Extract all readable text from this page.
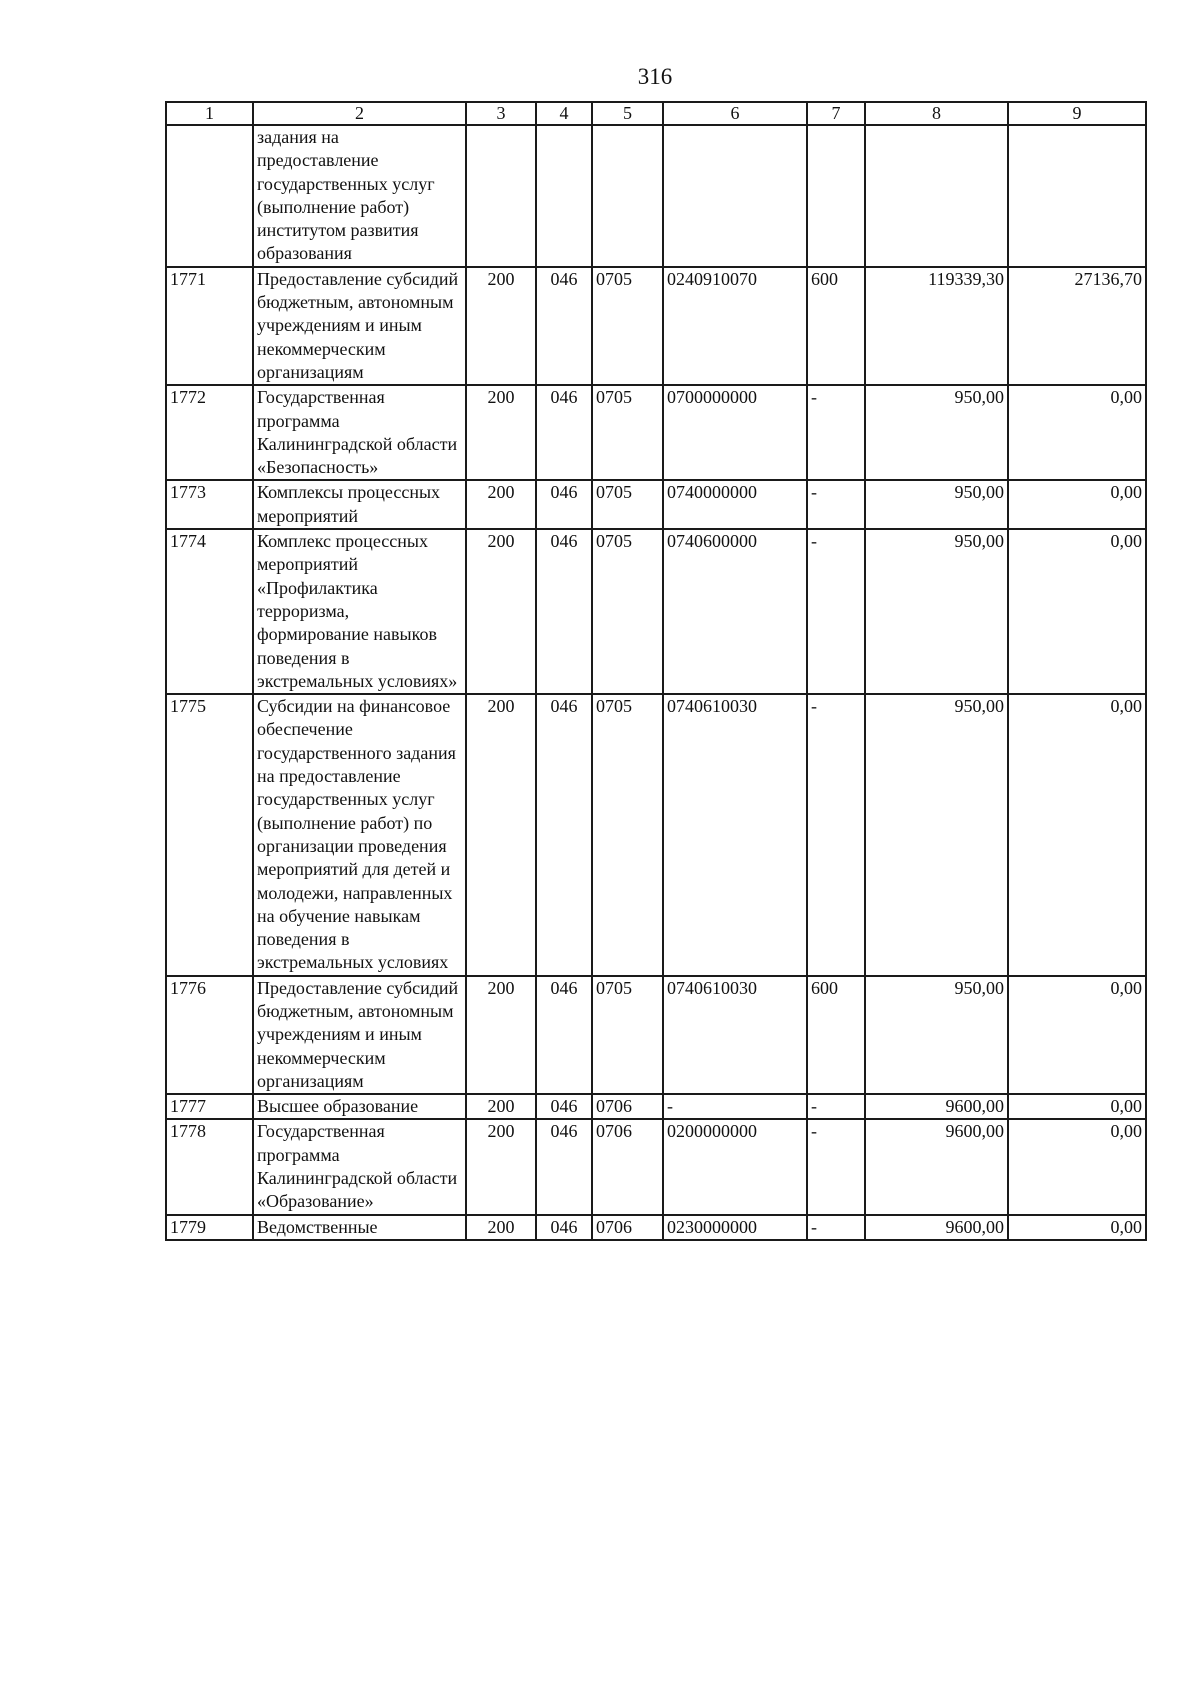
316
1	2	3	4	5	6	7	8	9
	задания на предоставление государственных услуг (выполнение работ) институтом развития образования							
1771	Предоставление субсидий бюджетным, автономным учреждениям и иным некоммерческим организациям	200	046	0705	0240910070	600	119339,30	27136,70
1772	Государственная программа Калининградской области «Безопасность»	200	046	0705	0700000000	-	950,00	0,00
1773	Комплексы процессных мероприятий	200	046	0705	0740000000	-	950,00	0,00
1774	Комплекс процессных мероприятий «Профилактика терроризма, формирование навыков поведения в экстремальных условиях»	200	046	0705	0740600000	-	950,00	0,00
1775	Субсидии на финансовое обеспечение государственного задания на предоставление государственных услуг (выполнение работ) по организации проведения мероприятий для детей и молодежи, направленных на обучение навыкам поведения в экстремальных условиях	200	046	0705	0740610030	-	950,00	0,00
1776	Предоставление субсидий бюджетным, автономным учреждениям и иным некоммерческим организациям	200	046	0705	0740610030	600	950,00	0,00
1777	Высшее образование	200	046	0706	-	-	9600,00	0,00
1778	Государственная программа Калининградской области «Образование»	200	046	0706	0200000000	-	9600,00	0,00
1779	Ведомственные	200	046	0706	0230000000	-	9600,00	0,00
